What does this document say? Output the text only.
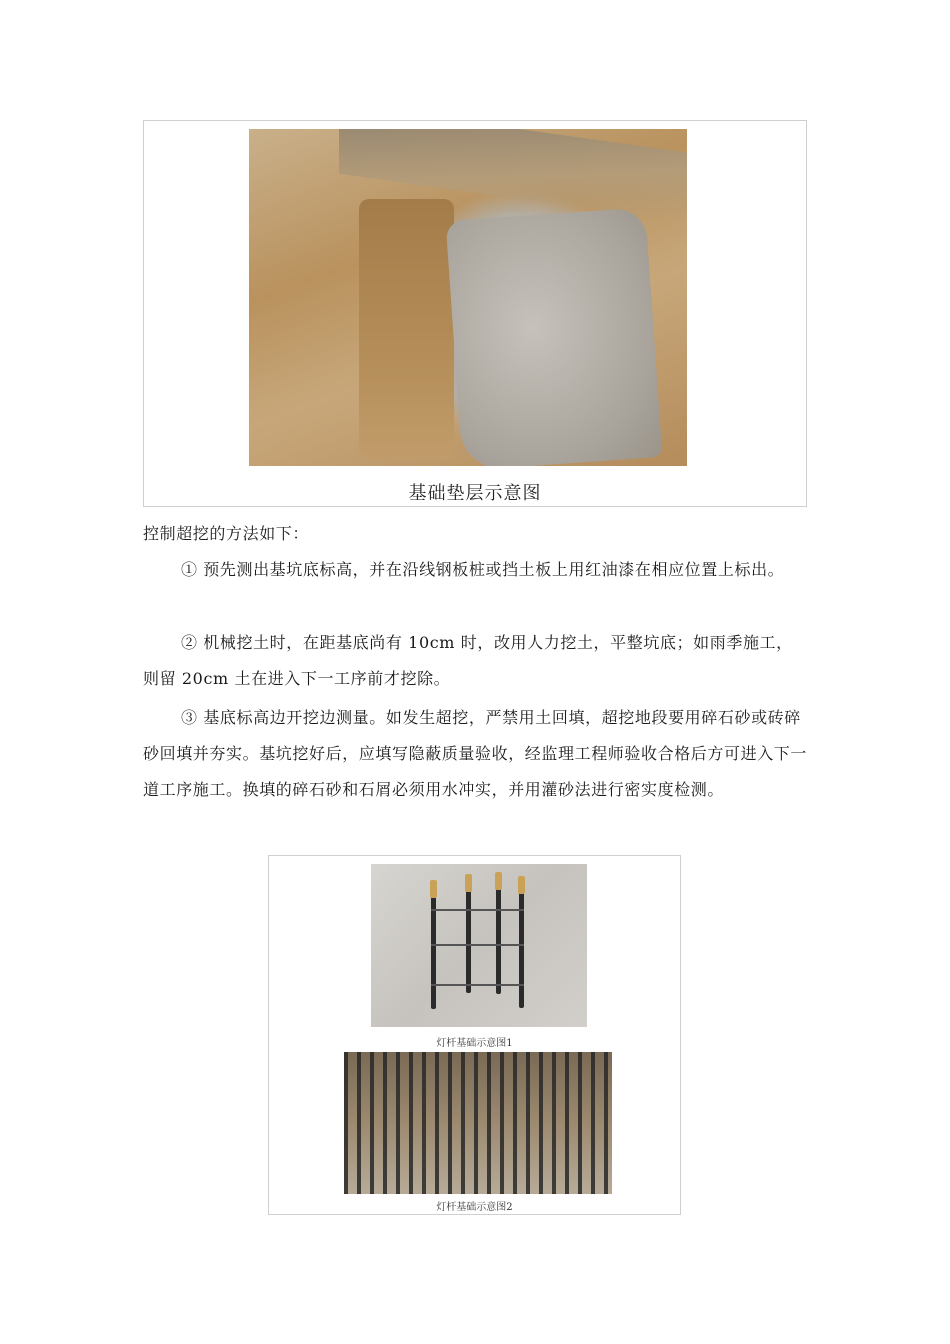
基础垫层示意图

控制超挖的方法如下：

① 预先测出基坑底标高，并在沿线钢板桩或挡土板上用红油漆在相应位置上标出。

② 机械挖土时，在距基底尚有 10cm 时，改用人力挖土，平整坑底；如雨季施工，则留 20cm 土在进入下一工序前才挖除。

③ 基底标高边开挖边测量。如发生超挖，严禁用土回填，超挖地段要用碎石砂或砖碎砂回填并夯实。基坑挖好后，应填写隐蔽质量验收，经监理工程师验收合格后方可进入下一道工序施工。换填的碎石砂和石屑必须用水冲实，并用灌砂法进行密实度检测。

灯杆基础示意图1
灯杆基础示意图2
